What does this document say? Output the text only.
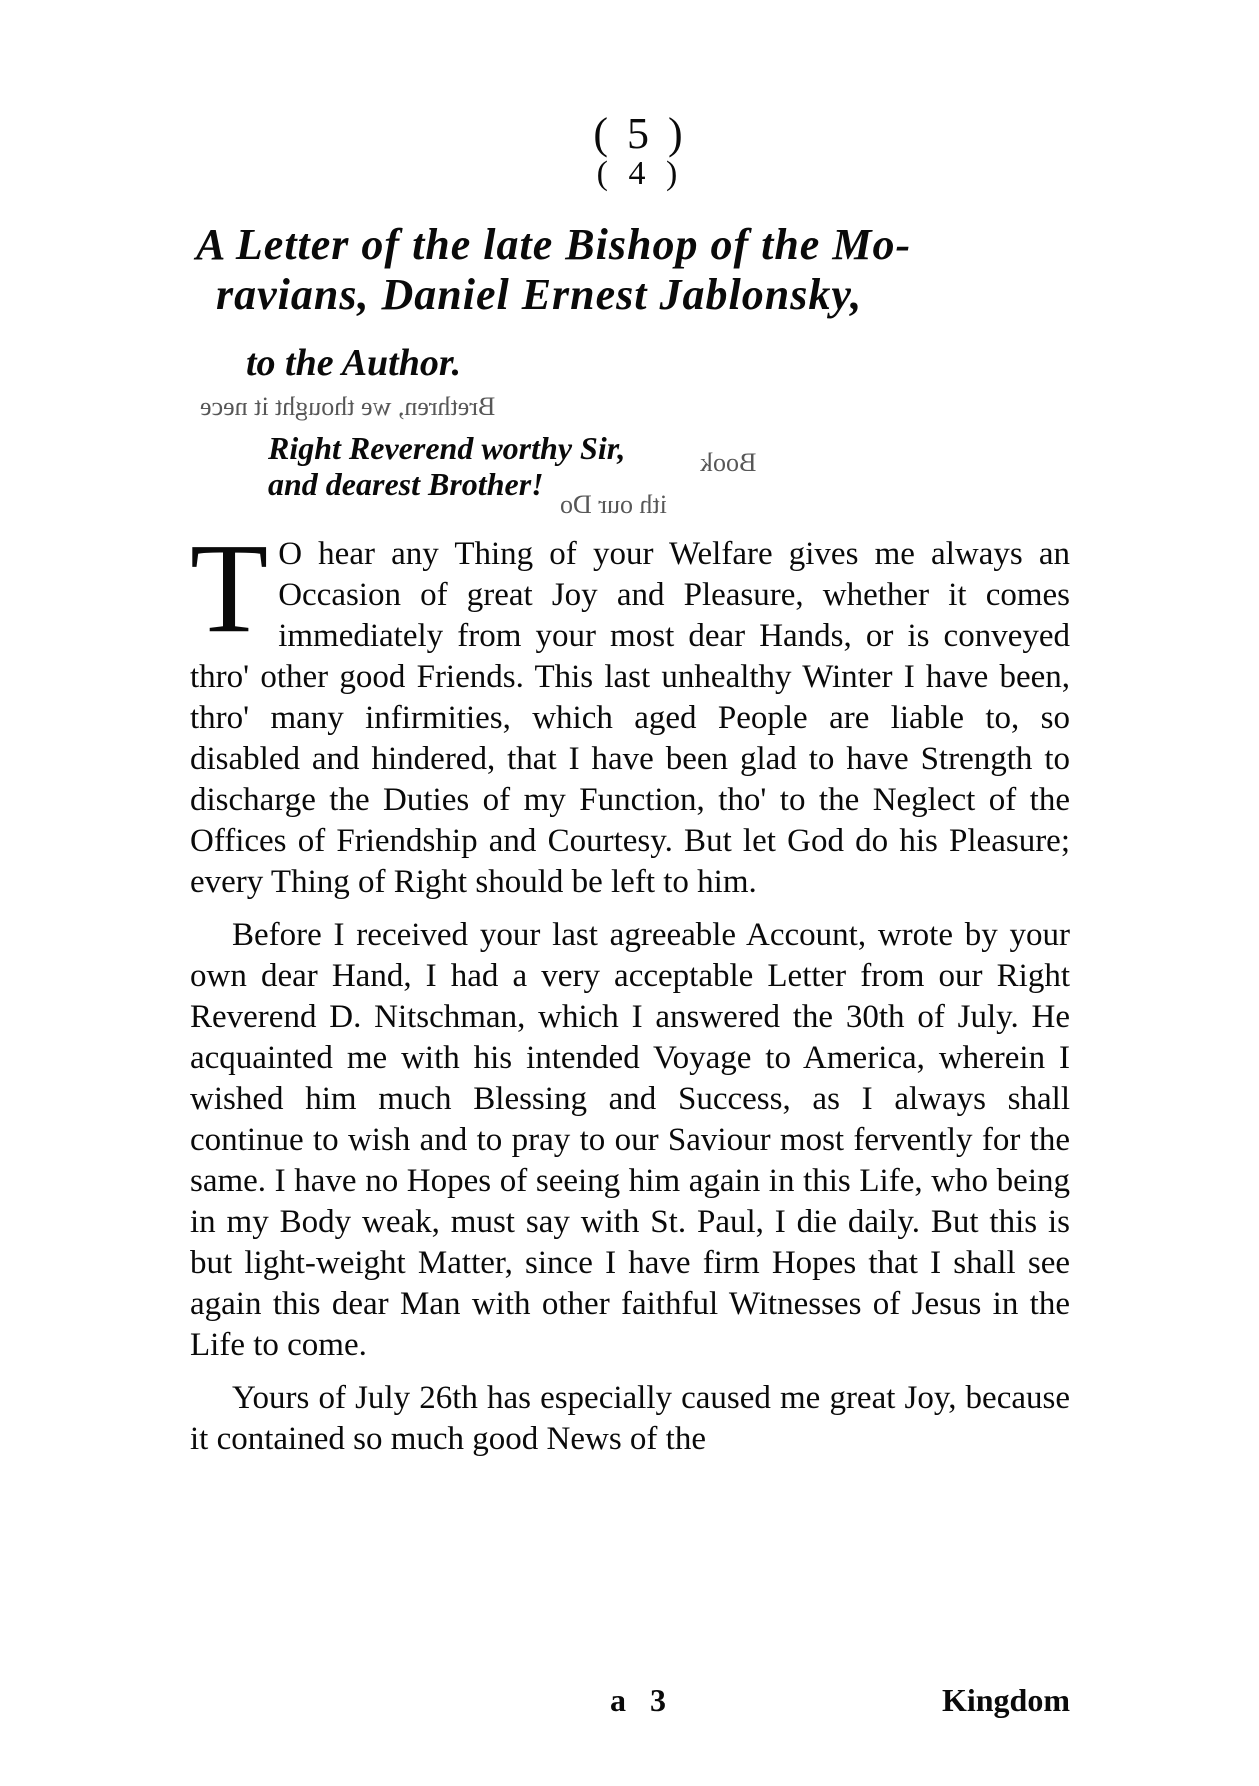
( 5 )
( 4 )
A Letter of the late Bishop of the Mo-
ravians, Daniel Ernest Jablonsky,
to the Author.
Brethren, we thought it nece
Book
ith our Do
Right Reverend worthy Sir,
and dearest Brother!

T O hear any Thing of your Welfare gives me always an Occasion of great Joy and Pleasure, whether it comes immediately from your most dear Hands, or is conveyed thro' other good Friends. This last unhealthy Winter I have been, thro' many infirmities, which aged People are liable to, so disabled and hindered, that I have been glad to have Strength to discharge the Duties of my Function, tho' to the Neglect of the Offices of Friendship and Courtesy. But let God do his Pleasure; every Thing of Right should be left to him.

Before I received your last agreeable Account, wrote by your own dear Hand, I had a very acceptable Letter from our Right Reverend D. Nitschman, which I answered the 30th of July. He acquainted me with his intended Voyage to America, wherein I wished him much Blessing and Success, as I always shall continue to wish and to pray to our Saviour most fervently for the same. I have no Hopes of seeing him again in this Life, who being in my Body weak, must say with St. Paul, I die daily. But this is but light-weight Matter, since I have firm Hopes that I shall see again this dear Man with other faithful Witnesses of Jesus in the Life to come.

Yours of July 26th has especially caused me great Joy, because it contained so much good News of the

a 3	Kingdom
